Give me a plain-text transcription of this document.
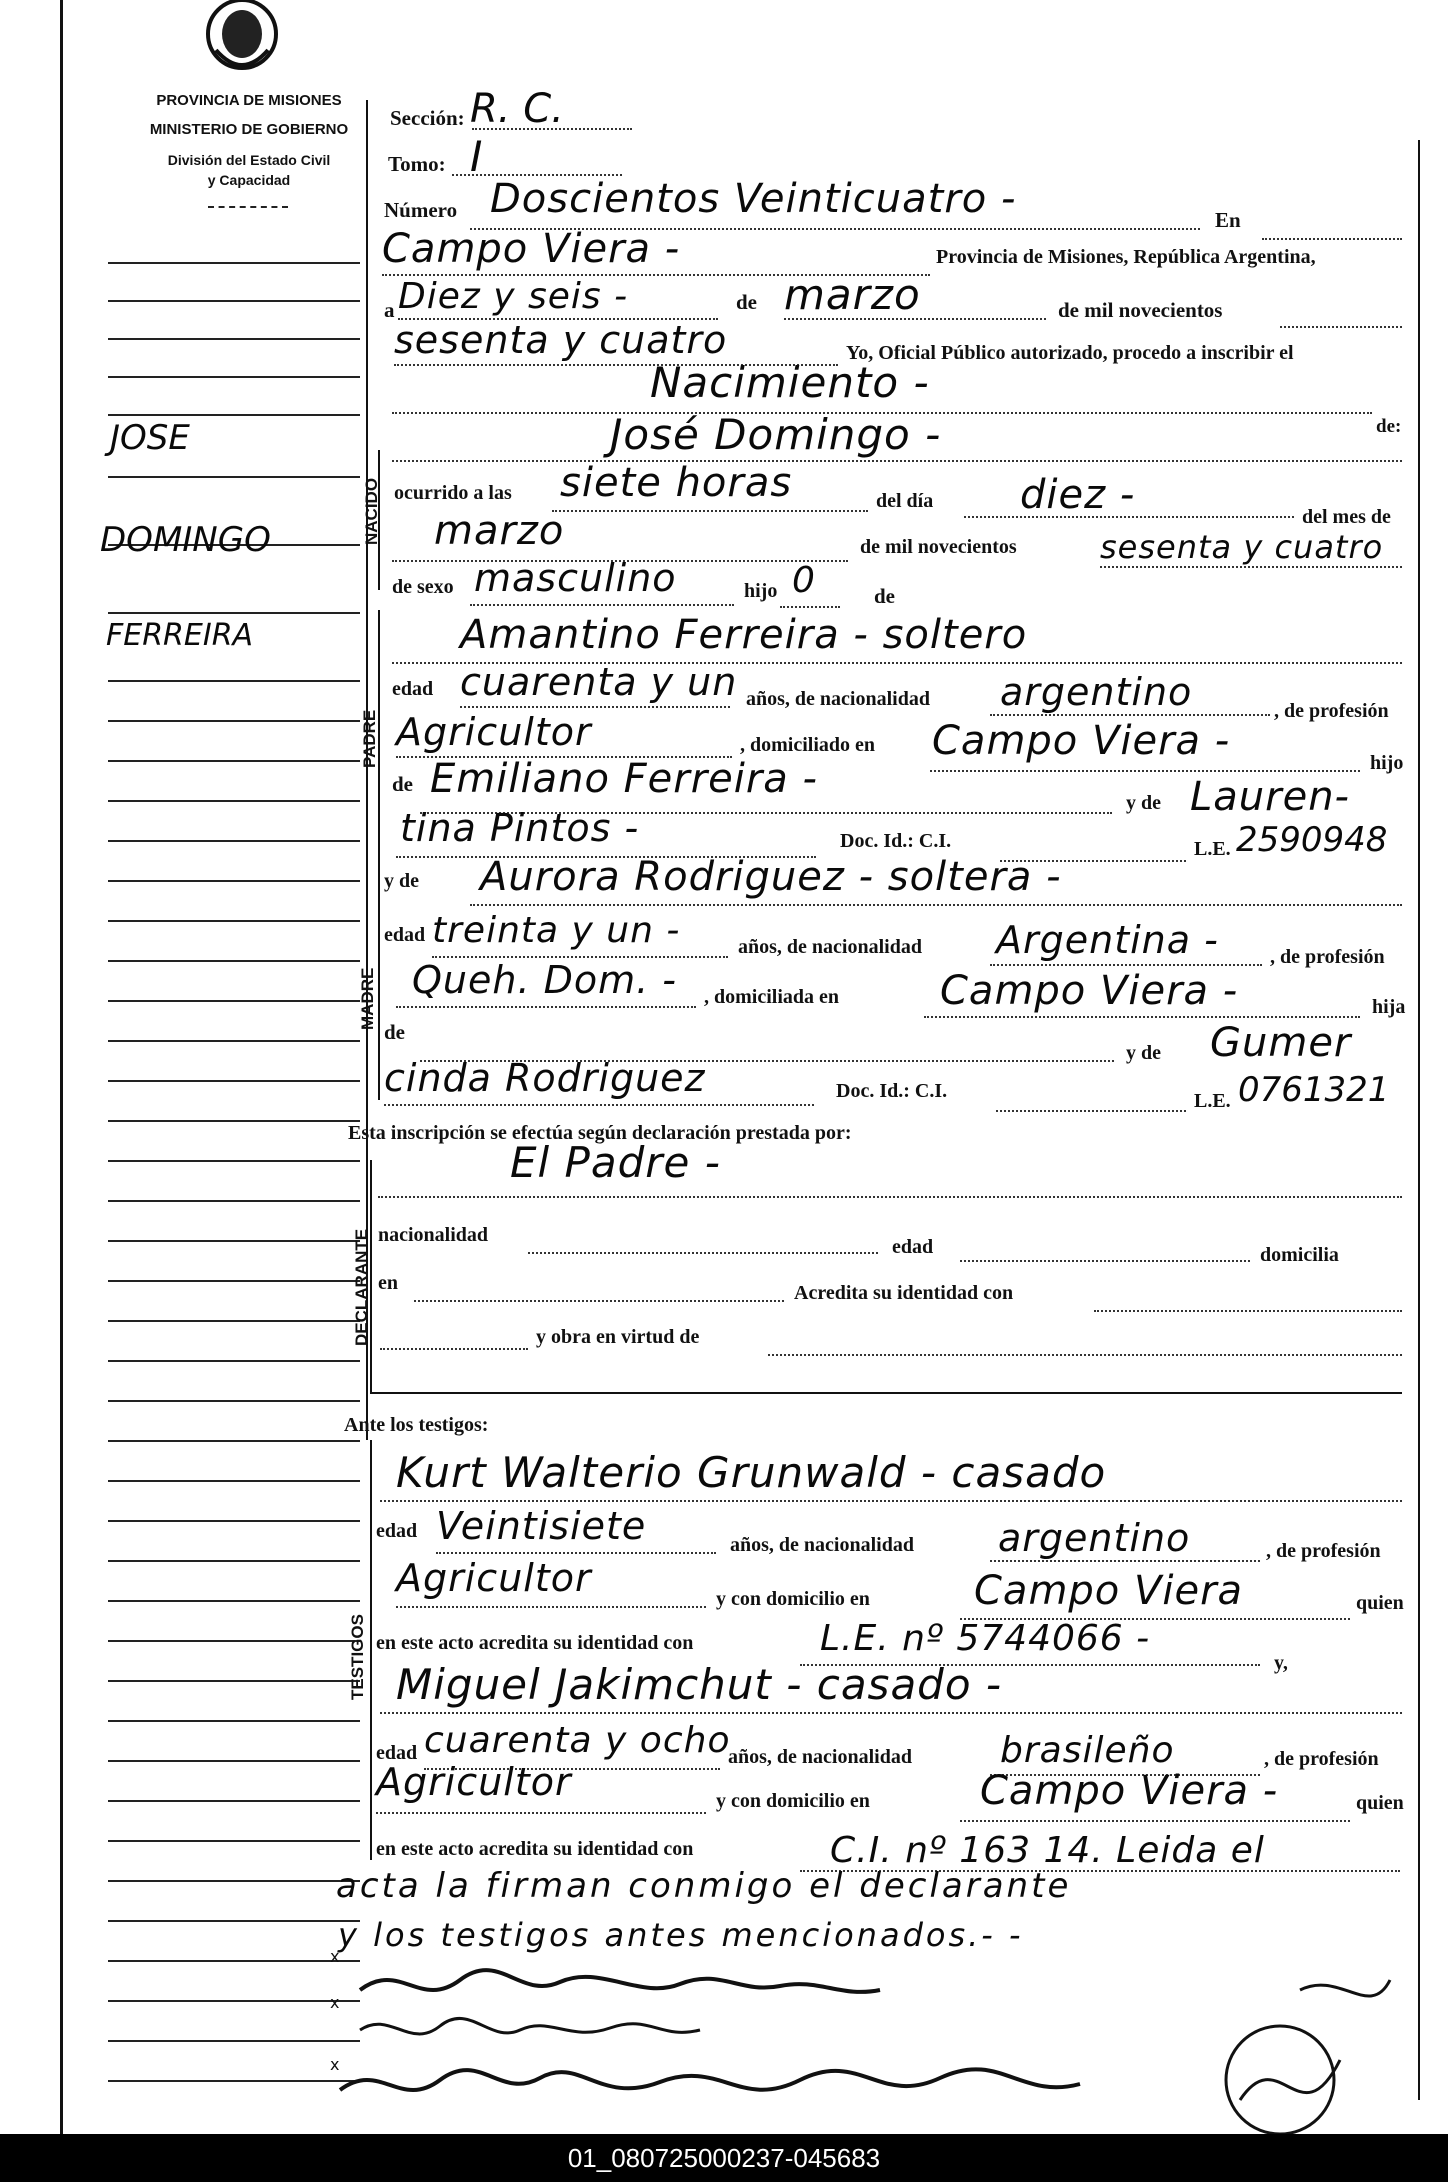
PROVINCIA DE MISIONES
MINISTERIO DE GOBIERNO
División del Estado Civil
y Capacidad
JOSE
DOMINGO
FERREIRA
Sección: R. C.
Tomo: I
Número Doscientos Veinticuatro -	En
Campo Viera -	Provincia de Misiones, República Argentina,
a Diez y seis -	de marzo	de mil novecientos
sesenta y cuatro	Yo, Oficial Público autorizado, procedo a inscribir el
Nacimiento -
de:
NACIDO
José Domingo -
ocurrido a las siete horas	del día diez -	del mes de
marzo	de mil novecientos	sesenta y cuatro
de sexo masculino	hijo 0	de
PADRE
Amantino Ferreira - soltero
edad cuarenta y un años, de nacionalidad argentino	, de profesión
Agricultor	, domiciliado en Campo Viera -	hijo
de Emiliano Ferreira -
y de Lauren-
tina Pintos -	Doc. Id.: C.I.	L.E. 2590948
MADRE
y de Aurora Rodriguez - soltera -
edad treinta y un -	años, de nacionalidad Argentina -	, de profesión
Queh. Dom. - , domiciliada en	Campo Viera -	hija
de
y de Gumer
cinda Rodriguez	Doc. Id.: C.I.	L.E. 0761321
Esta inscripción se efectúa según declaración prestada por:
El Padre -
DECLARANTE nacionalidad
edad	domicilia
en	Acredita su identidad con
y obra en virtud de
Ante los testigos:
TESTIGOS
Kurt Walterio Grunwald - casado
edad Veintisiete	años, de nacionalidad argentino	, de profesión
Agricultor	y con domicilio en	Campo Viera	quien
en este acto acredita su identidad con	L.E. nº 5744066 -
y,
Miguel Jakimchut - casado -
edad cuarenta y ocho
años, de nacionalidad brasileño	, de profesión
Agricultor	y con domicilio en	Campo Viera -	quien
en este acto acredita su identidad con	C.I. nº 163 14. Leida el
acta la firman conmigo el declarante
y los testigos antes mencionados.- -
x
x
x
01_080725000237-045683
